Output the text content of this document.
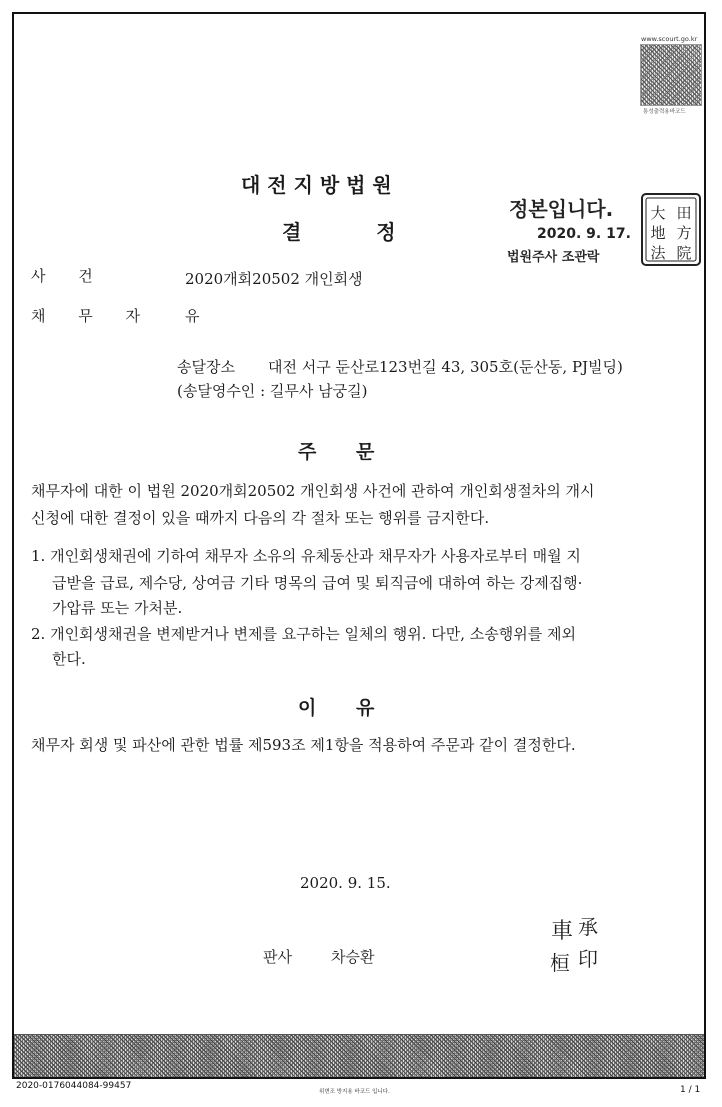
www.scourt.go.kr
통성출력용바코드
대 전 지 방 법 원
결 정
정본입니다.
2020. 9. 17.
법원주사 조관락
大 田
地 方
法 院
사 건	2020개회20502 개인회생
채 무 자 유
송달장소 대전 서구 둔산로123번길 43, 305호(둔산동, PJ빌딩)
(송달영수인 : 길무사 남궁길)
주      문
채무자에 대한 이 법원 2020개회20502 개인회생 사건에 관하여 개인회생절차의 개시
신청에 대한 결정이 있을 때까지 다음의 각 절차 또는 행위를 금지한다.
1. 개인회생채권에 기하여 채무자 소유의 유체동산과 채무자가 사용자로부터 매월 지
급받을 급료, 제수당, 상여금 기타 명목의 급여 및 퇴직금에 대하여 하는 강제집행·
가압류 또는 가처분.
2. 개인회생채권을 변제받거나 변제를 요구하는 일체의 행위. 다만, 소송행위를 제외
한다.
이      유
채무자 회생 및 파산에 관한 법률 제593조 제1항을 적용하여 주문과 같이 결정한다.
2020. 9. 15.
판사	차승환
車 承
桓 印
2020-0176044084-99457
위변조 방지용 바코드 입니다.	1 / 1
